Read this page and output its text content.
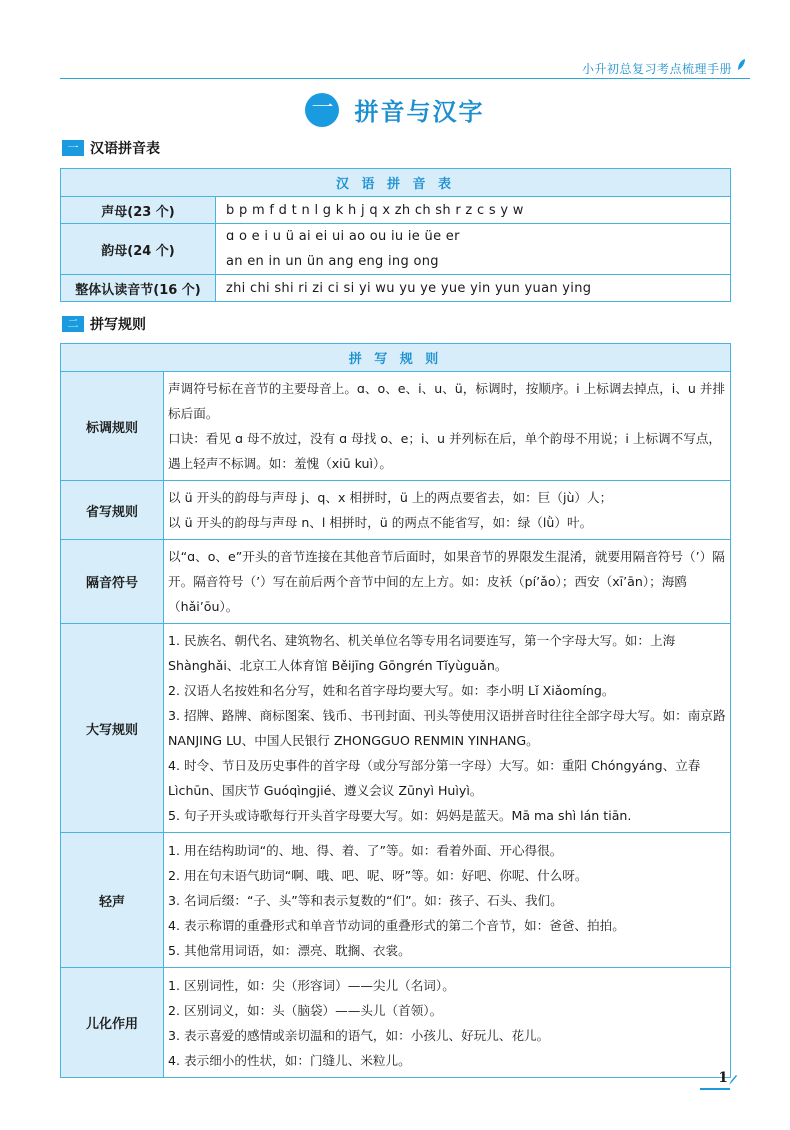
小升初总复习考点梳理手册
一 拼音与汉字
一 汉语拼音表
汉 语 拼 音 表	
声母(23 个)	b p m f d t n l g k h j q x zh ch sh r z c s y w
韵母(24 个)	ɑ o e i u ü ai ei ui ao ou iu ie üe er
an en in un ün ang eng ing ong

整体认读音节(16 个)	zhi chi shi ri zi ci si yi wu yu ye yue yin yun yuan ying
二 拼写规则
拼 写 规 则	
标调规则	声调符号标在音节的主要母音上。ɑ、o、e、i、u、ü，标调时，按顺序。i 上标调去掉点，i、u 并排标后面。
口诀：看见 ɑ 母不放过，没有 ɑ 母找 o、e；i、u 并列标在后，单个韵母不用说；i 上标调不写点，遇上轻声不标调。如：羞愧（xiū kuì）。

省写规则	以 ü 开头的韵母与声母 j、q、x 相拼时，ü 上的两点要省去，如：巨（jù）人；
以 ü 开头的韵母与声母 n、l 相拼时，ü 的两点不能省写，如：绿（lǜ）叶。

隔音符号	以“ɑ、o、e”开头的音节连接在其他音节后面时，如果音节的界限发生混淆，就要用隔音符号（’）隔开。隔音符号（’）写在前后两个音节中间的左上方。如：皮袄（pí’ǎo）；西安（xī’ān）；海鸥（hǎi’ōu）。

大写规则	1. 民族名、朝代名、建筑物名、机关单位名等专用名词要连写，第一个字母大写。如：上海 Shànghǎi、北京工人体育馆 Běijīng Gōngrén Tǐyùguǎn。
2. 汉语人名按姓和名分写，姓和名首字母均要大写。如：李小明 Lǐ Xiǎomíng。
3. 招牌、路牌、商标图案、钱币、书刊封面、刊头等使用汉语拼音时往往全部字母大写。如：南京路 NANJING LU、中国人民银行 ZHONGGUO RENMIN YINHANG。
4. 时令、节日及历史事件的首字母（或分写部分第一字母）大写。如：重阳 Chóngyáng、立春 Lìchūn、国庆节 Guóqìngjié、遵义会议 Zūnyì Huìyì。
5. 句子开头或诗歌每行开头首字母要大写。如：妈妈是蓝天。Mā ma shì lán tiān.

轻声	1. 用在结构助词“的、地、得、着、了”等。如：看着外面、开心得很。
2. 用在句末语气助词“啊、哦、吧、呢、呀”等。如：好吧、你呢、什么呀。
3. 名词后缀：“子、头”等和表示复数的“们”。如：孩子、石头、我们。
4. 表示称谓的重叠形式和单音节动词的重叠形式的第二个音节，如：爸爸、拍拍。
5. 其他常用词语，如：漂亮、耽搁、衣裳。

儿化作用	1. 区别词性，如：尖（形容词）——尖儿（名词）。
2. 区别词义，如：头（脑袋）——头儿（首领）。
3. 表示喜爱的感情或亲切温和的语气，如：小孩儿、好玩儿、花儿。
4. 表示细小的性状，如：门缝儿、米粒儿。
1
